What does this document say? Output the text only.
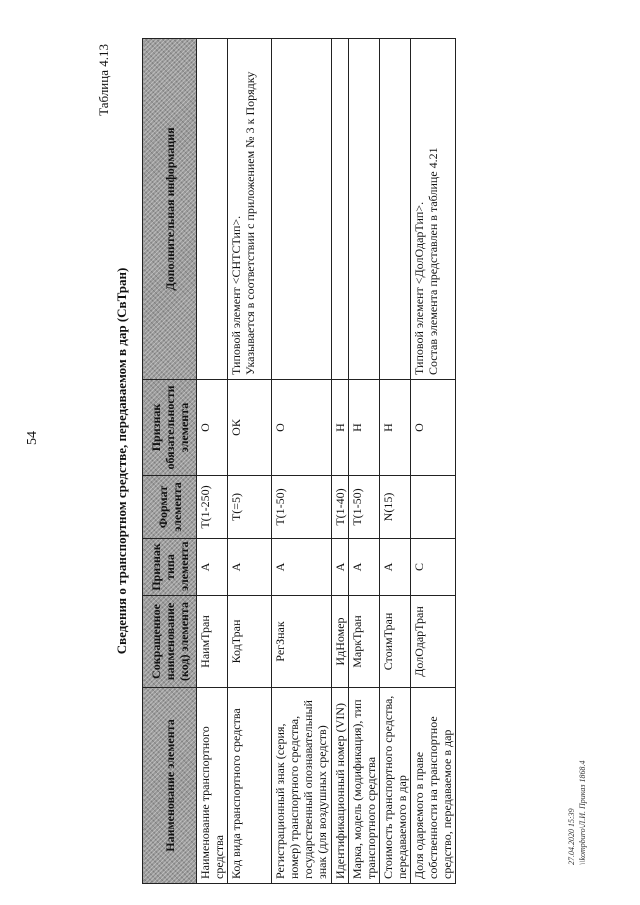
54
Таблица 4.13
Сведения о транспортном средстве, передаваемом в дар (СвТран)
Наименование элемента	Сокращенное наименование (код) элемента	Признак типа элемента	Формат элемента	Признак обязательности элемента	Дополнительная информация
Наименование транспортного средства	НаимТран	А	T(1-250)	О	
Код вида транспортного средства	КодТран	А	T(=5)	ОК	Типовой элемент <СНТСТип>.
Указывается в соответствии с приложением № 3 к Порядку
Регистрационный знак (серия, номер) транспортного средства, государственный опознавательный знак (для воздушных средств)	РегЗнак	А	T(1-50)	О	
Идентификационный номер (VIN)	ИдНомер	А	T(1-40)	Н	
Марка, модель (модификация), тип транспортного средства	МаркТран	А	T(1-50)	Н	
Стоимость транспортного средства, передаваемого в дар	СтоимТран	А	N(15)	Н	
Доля одаряемого в праве собственности на транспортное средство, передаваемое в дар	ДолОдарТран	С		О	Типовой элемент <ДолОдарТип>.
Состав элемента представлен в таблице 4.21
27.04.2020 15:39 \\kompburo\Л.И. Приказ 1868.4
